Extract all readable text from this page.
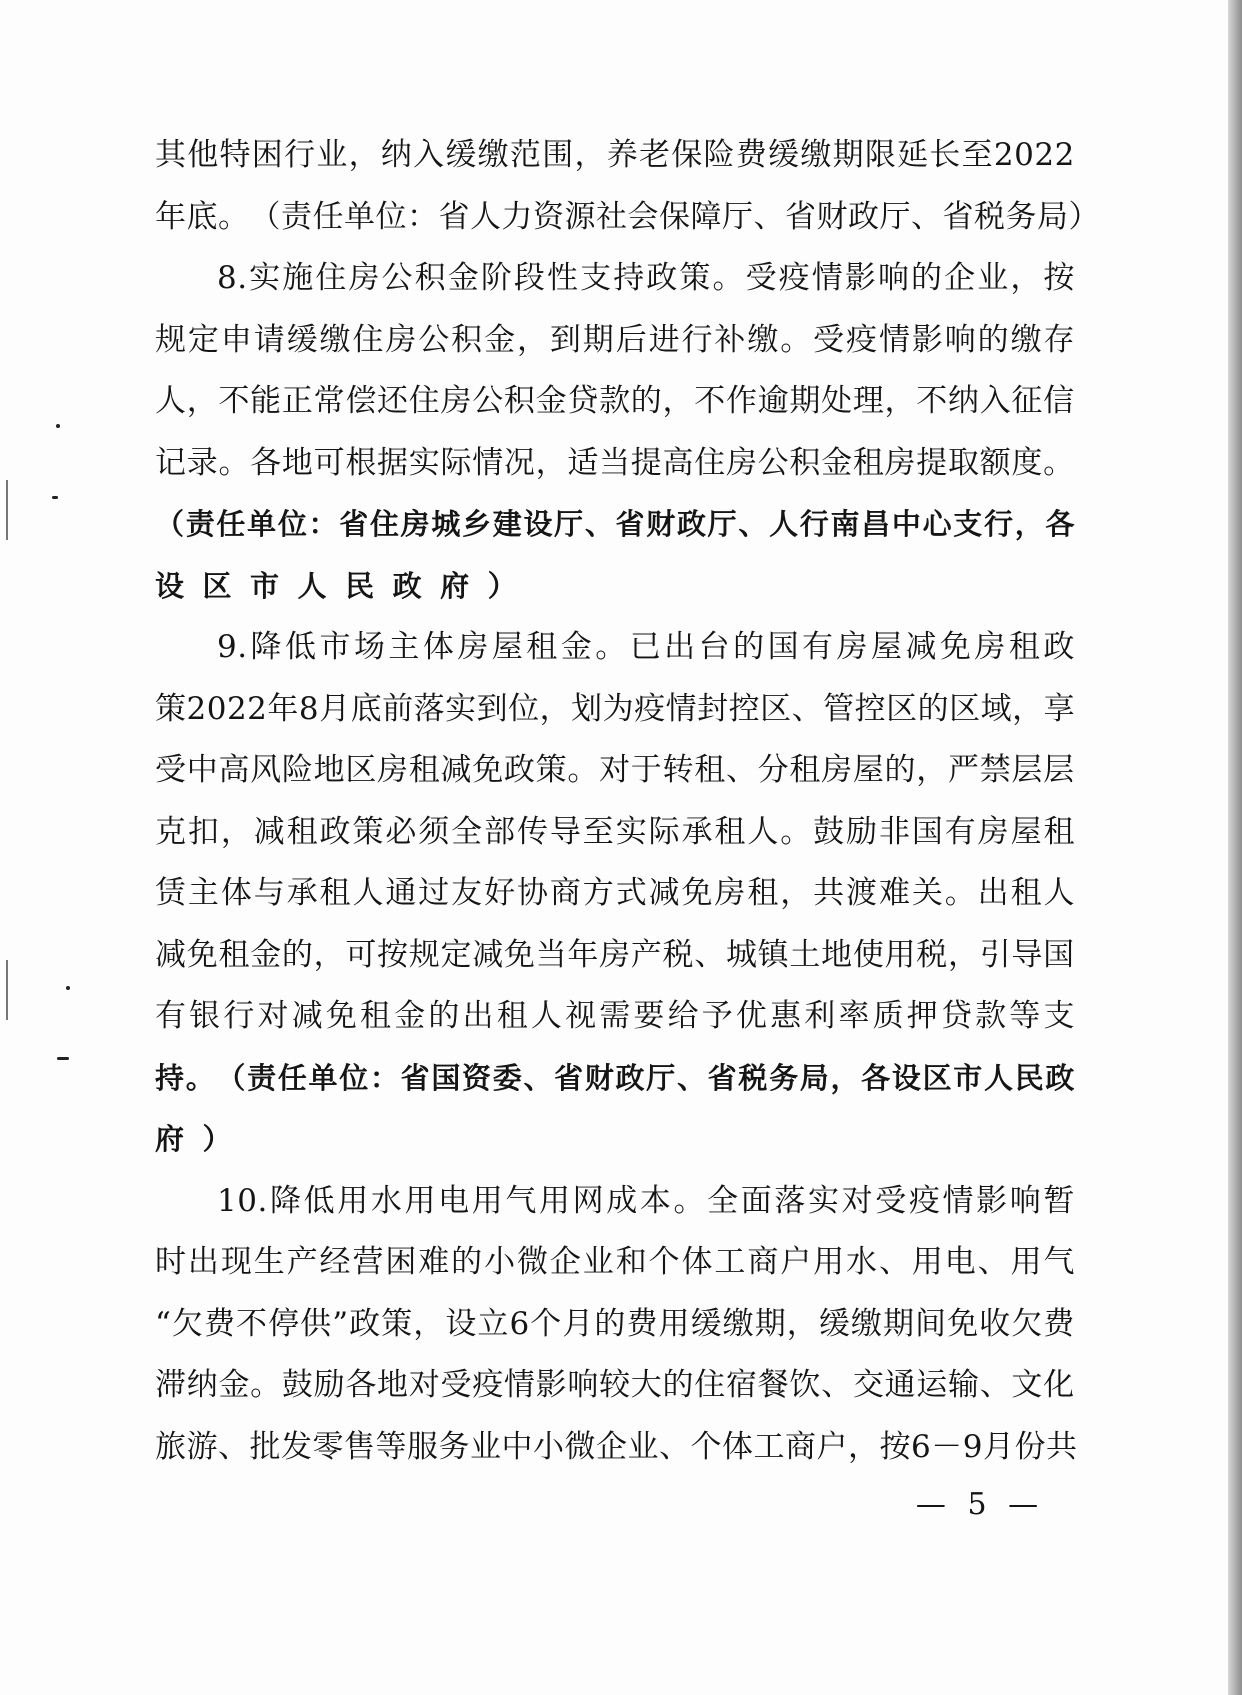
其 他 特 困 行 业 ， 纳 入 缓 缴 范 围 ， 养 老 保 险 费 缓 缴 期 限 延 长 至 2022
年 底 。 （ 责 任 单 位 ： 省 人 力 资 源 社 会 保 障 厅 、 省 财 政 厅 、 省 税 务 局 ）
8. 实 施 住 房 公 积 金 阶 段 性 支 持 政 策 。 受 疫 情 影 响 的 企 业 ， 按
规 定 申 请 缓 缴 住 房 公 积 金 ， 到 期 后 进 行 补 缴 。 受 疫 情 影 响 的 缴 存
人 ， 不 能 正 常 偿 还 住 房 公 积 金 贷 款 的 ， 不 作 逾 期 处 理 ， 不 纳 入 征 信
记 录 。 各 地 可 根 据 实 际 情 况 ， 适 当 提 高 住 房 公 积 金 租 房 提 取 额 度 。
（ 责 任 单 位 ： 省 住 房 城 乡 建 设 厅 、 省 财 政 厅 、 人 行 南 昌 中 心 支 行 ， 各
设 区 市 人 民 政 府 ）
9. 降 低 市 场 主 体 房 屋 租 金 。 已 出 台 的 国 有 房 屋 减 免 房 租 政
策 2022 年 8 月 底 前 落 实 到 位 ， 划 为 疫 情 封 控 区 、 管 控 区 的 区 域 ， 享
受 中 高 风 险 地 区 房 租 减 免 政 策 。 对 于 转 租 、 分 租 房 屋 的 ， 严 禁 层 层
克 扣 ， 减 租 政 策 必 须 全 部 传 导 至 实 际 承 租 人 。 鼓 励 非 国 有 房 屋 租
赁 主 体 与 承 租 人 通 过 友 好 协 商 方 式 减 免 房 租 ， 共 渡 难 关 。 出 租 人
减 免 租 金 的 ， 可 按 规 定 减 免 当 年 房 产 税 、 城 镇 土 地 使 用 税 ， 引 导 国
有 银 行 对 减 免 租 金 的 出 租 人 视 需 要 给 予 优 惠 利 率 质 押 贷 款 等 支
持 。 （ 责 任 单 位 ： 省 国 资 委 、 省 财 政 厅 、 省 税 务 局 ， 各 设 区 市 人 民 政
府 ）
10. 降 低 用 水 用 电 用 气 用 网 成 本 。 全 面 落 实 对 受 疫 情 影 响 暂
时 出 现 生 产 经 营 困 难 的 小 微 企 业 和 个 体 工 商 户 用 水 、 用 电 、 用 气
“ 欠 费 不 停 供 ” 政 策 ， 设 立 6 个 月 的 费 用 缓 缴 期 ， 缓 缴 期 间 免 收 欠 费
滞 纳 金 。 鼓 励 各 地 对 受 疫 情 影 响 较 大 的 住 宿 餐 饮 、 交 通 运 输 、 文 化
旅 游 、 批 发 零 售 等 服 务 业 中 小 微 企 业 、 个 体 工 商 户 ， 按 6－9 月 份 共
— 5 —
